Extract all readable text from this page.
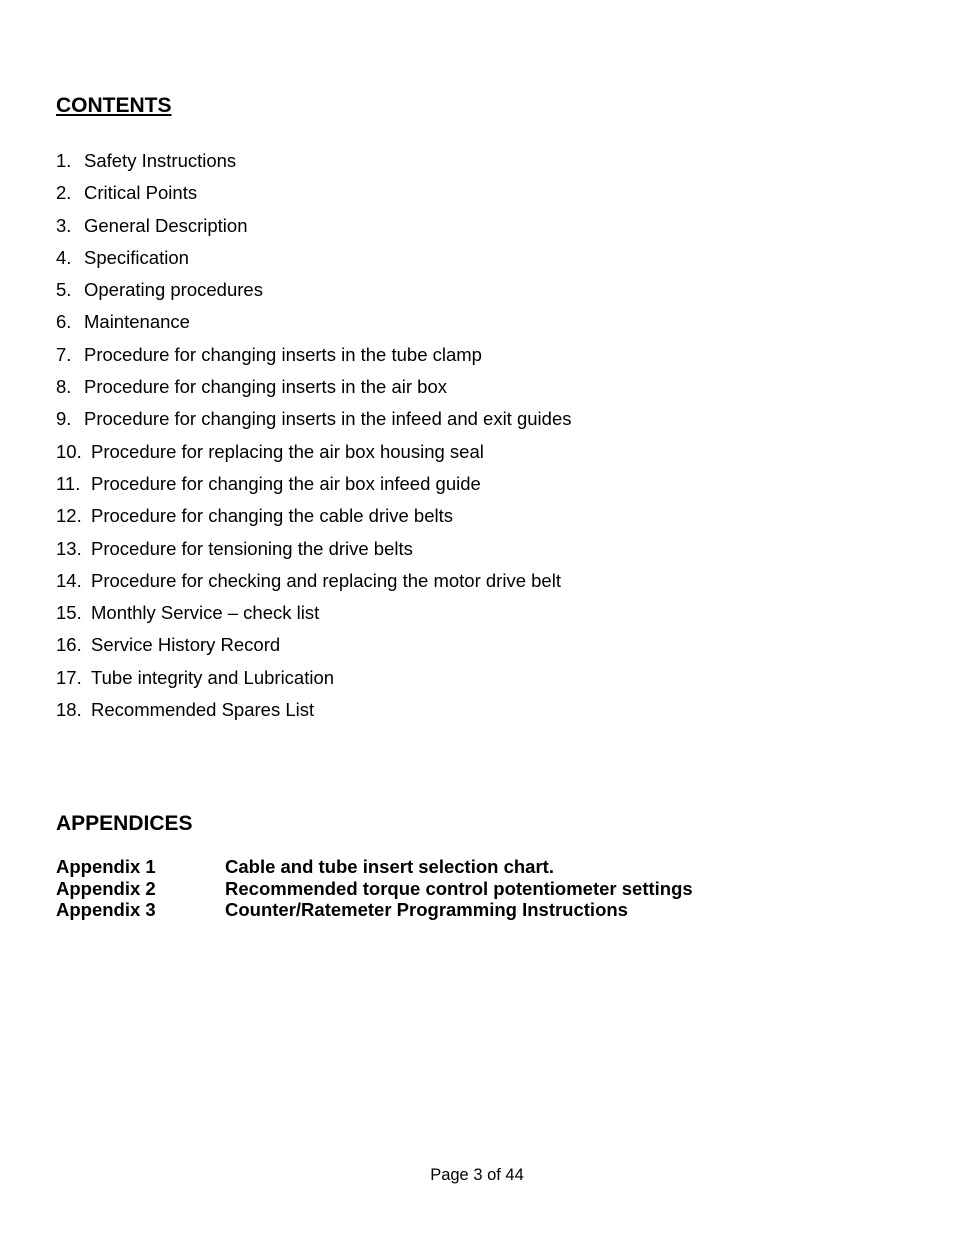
CONTENTS
1. Safety Instructions
2. Critical Points
3. General Description
4. Specification
5. Operating procedures
6. Maintenance
7. Procedure for changing inserts in the tube clamp
8. Procedure for changing inserts in the air box
9. Procedure for changing inserts in the infeed and exit guides
10. Procedure for replacing the air box housing seal
11. Procedure for changing the air box infeed guide
12. Procedure for changing the cable drive belts
13. Procedure for tensioning the drive belts
14. Procedure for checking and replacing the motor drive belt
15. Monthly Service – check list
16. Service History Record
17. Tube integrity and Lubrication
18. Recommended Spares List
APPENDICES
Appendix 1	Cable and tube insert selection chart.
Appendix 2	Recommended torque control potentiometer settings
Appendix 3	Counter/Ratemeter Programming Instructions
Page 3 of 44
